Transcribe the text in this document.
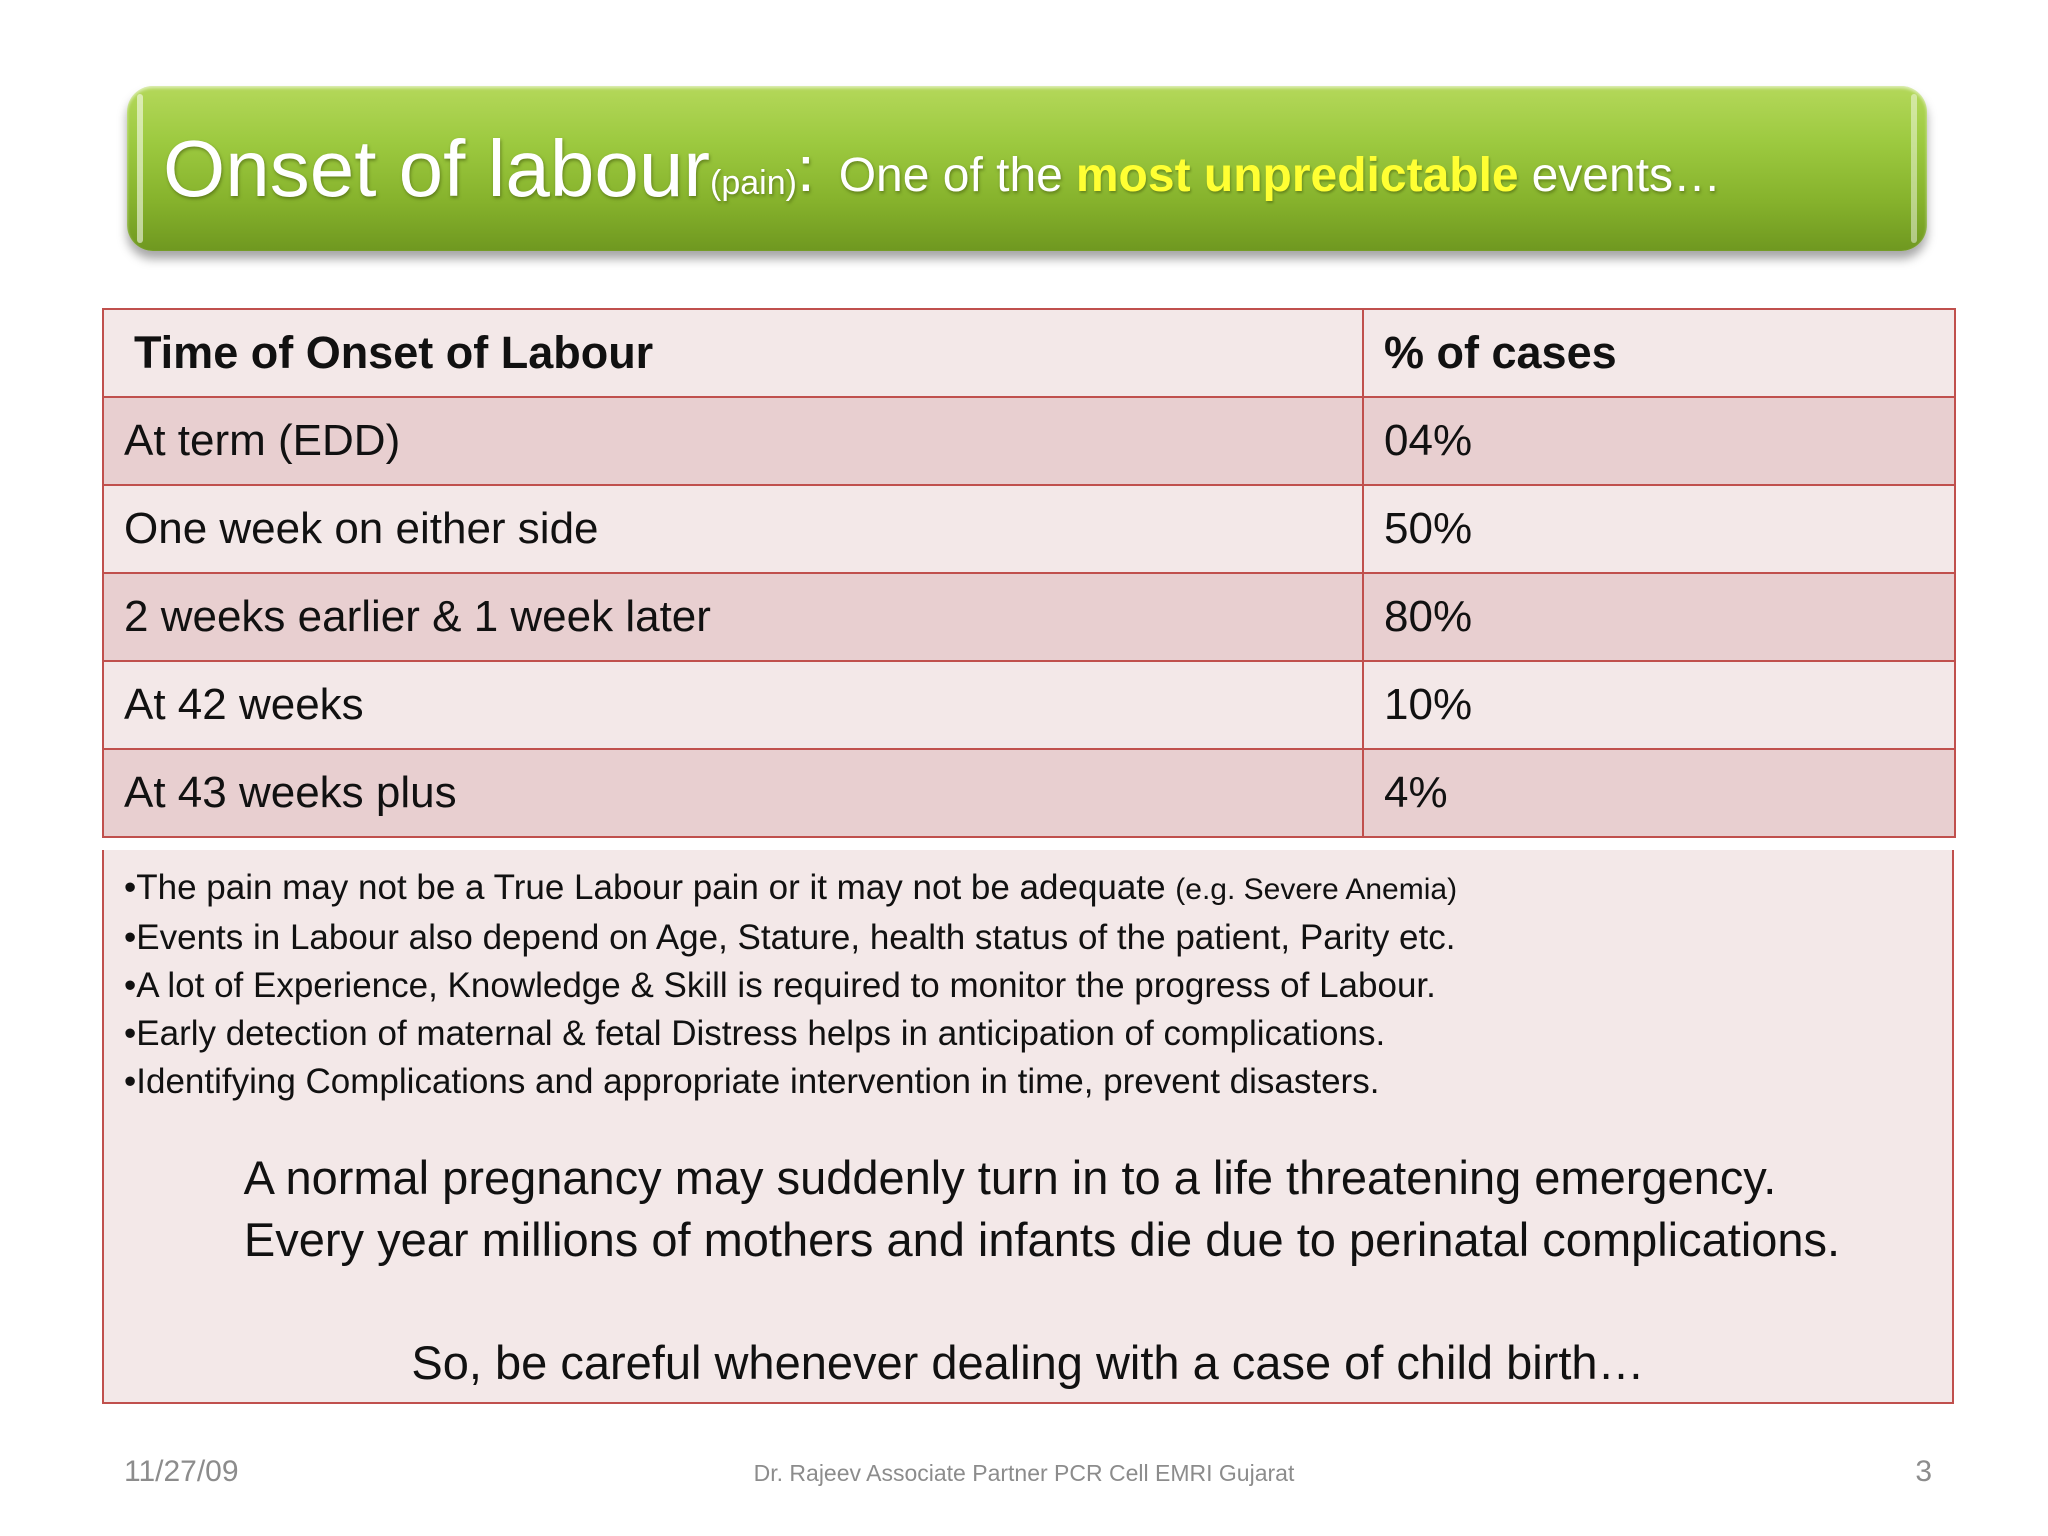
Onset of labour (pain) : One of the most unpredictable events…
Time of Onset of Labour	% of cases
At term (EDD)	04%
One week on either side	50%
2 weeks earlier & 1 week later	80%
At 42 weeks	10%
At 43 weeks plus	4%
•The pain may not be a True Labour pain or it may not be adequate (e.g. Severe Anemia)
•Events in Labour also depend on Age, Stature, health status of the patient, Parity etc.
•A lot of Experience, Knowledge & Skill is required to monitor the progress of Labour.
•Early detection of maternal & fetal Distress helps in anticipation of complications.
•Identifying Complications and appropriate intervention in time, prevent disasters.
A normal pregnancy may suddenly turn in to a life threatening emergency.
Every year millions of mothers and infants die due to perinatal complications.
So, be careful whenever dealing with a case of child birth…
11/27/09	Dr. Rajeev Associate Partner PCR Cell EMRI Gujarat	3
